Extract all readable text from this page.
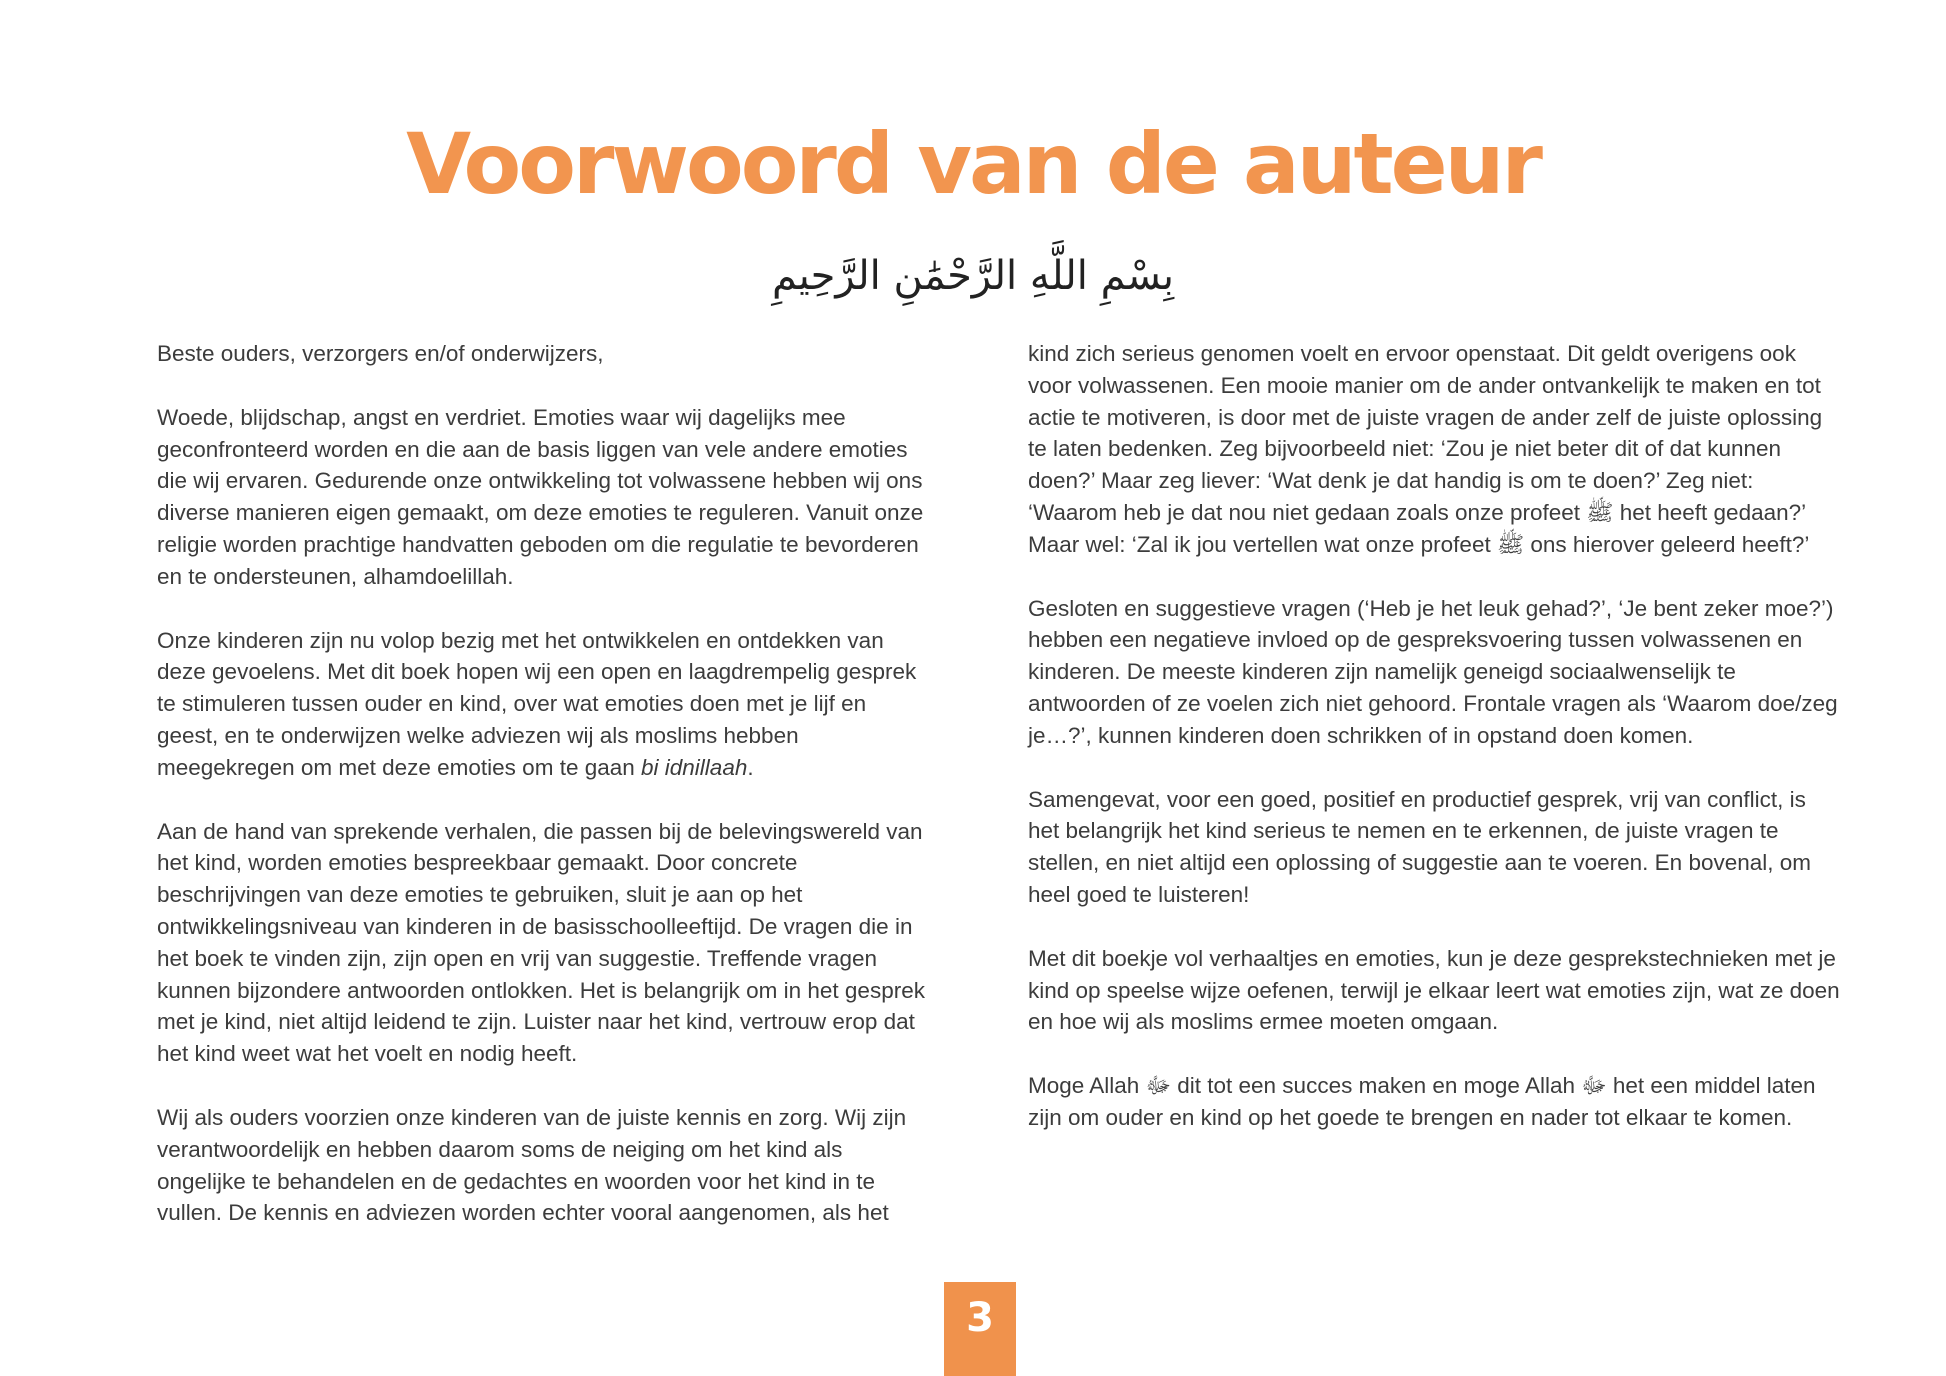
Voorwoord van de auteur
بِسْمِ اللَّهِ الرَّحْمَٰنِ الرَّحِيمِ

Beste ouders, verzorgers en/of onderwijzers,

Woede, blijdschap, angst en verdriet. Emoties waar wij dagelijks mee geconfronteerd worden en die aan de basis liggen van vele andere emoties die wij ervaren. Gedurende onze ontwikkeling tot volwassene hebben wij ons diverse manieren eigen gemaakt, om deze emoties te reguleren. Vanuit onze religie worden prachtige handvatten geboden om die regulatie te bevorderen en te ondersteunen, alhamdoelillah.

Onze kinderen zijn nu volop bezig met het ontwikkelen en ontdekken van deze gevoelens. Met dit boek hopen wij een open en laagdrempelig gesprek te stimuleren tussen ouder en kind, over wat emoties doen met je lijf en geest, en te onderwijzen welke adviezen wij als moslims hebben meegekregen om met deze emoties om te gaan bi idnillaah.

Aan de hand van sprekende verhalen, die passen bij de belevingswereld van het kind, worden emoties bespreekbaar gemaakt. Door concrete beschrijvingen van deze emoties te gebruiken, sluit je aan op het ontwikkelingsniveau van kinderen in de basisschoolleeftijd. De vragen die in het boek te vinden zijn, zijn open en vrij van suggestie. Treffende vragen kunnen bijzondere antwoorden ontlokken. Het is belangrijk om in het gesprek met je kind, niet altijd leidend te zijn. Luister naar het kind, vertrouw erop dat het kind weet wat het voelt en nodig heeft.

Wij als ouders voorzien onze kinderen van de juiste kennis en zorg. Wij zijn verantwoordelijk en hebben daarom soms de neiging om het kind als ongelijke te behandelen en de gedachtes en woorden voor het kind in te vullen. De kennis en adviezen worden echter vooral aangenomen, als het

kind zich serieus genomen voelt en ervoor openstaat. Dit geldt overigens ook voor volwassenen. Een mooie manier om de ander ontvankelijk te maken en tot actie te motiveren, is door met de juiste vragen de ander zelf de juiste oplossing te laten bedenken. Zeg bijvoorbeeld niet: ‘Zou je niet beter dit of dat kunnen doen?’ Maar zeg liever: ‘Wat denk je dat handig is om te doen?’ Zeg niet: ‘Waarom heb je dat nou niet gedaan zoals onze profeet ﷺ het heeft gedaan?’ Maar wel: ‘Zal ik jou vertellen wat onze profeet ﷺ ons hierover geleerd heeft?’

Gesloten en suggestieve vragen (‘Heb je het leuk gehad?’, ‘Je bent zeker moe?’) hebben een negatieve invloed op de gespreksvoering tussen volwassenen en kinderen. De meeste kinderen zijn namelijk geneigd sociaalwenselijk te antwoorden of ze voelen zich niet gehoord. Frontale vragen als ‘Waarom doe/zeg je…?’, kunnen kinderen doen schrikken of in opstand doen komen.

Samengevat, voor een goed, positief en productief gesprek, vrij van conflict, is het belangrijk het kind serieus te nemen en te erkennen, de juiste vragen te stellen, en niet altijd een oplossing of suggestie aan te voeren. En bovenal, om heel goed te luisteren!

Met dit boekje vol verhaaltjes en emoties, kun je deze gesprekstechnieken met je kind op speelse wijze oefenen, terwijl je elkaar leert wat emoties zijn, wat ze doen en hoe wij als moslims ermee moeten omgaan.

Moge Allah ﷻ dit tot een succes maken en moge Allah ﷻ het een middel laten zijn om ouder en kind op het goede te brengen en nader tot elkaar te komen.

3
